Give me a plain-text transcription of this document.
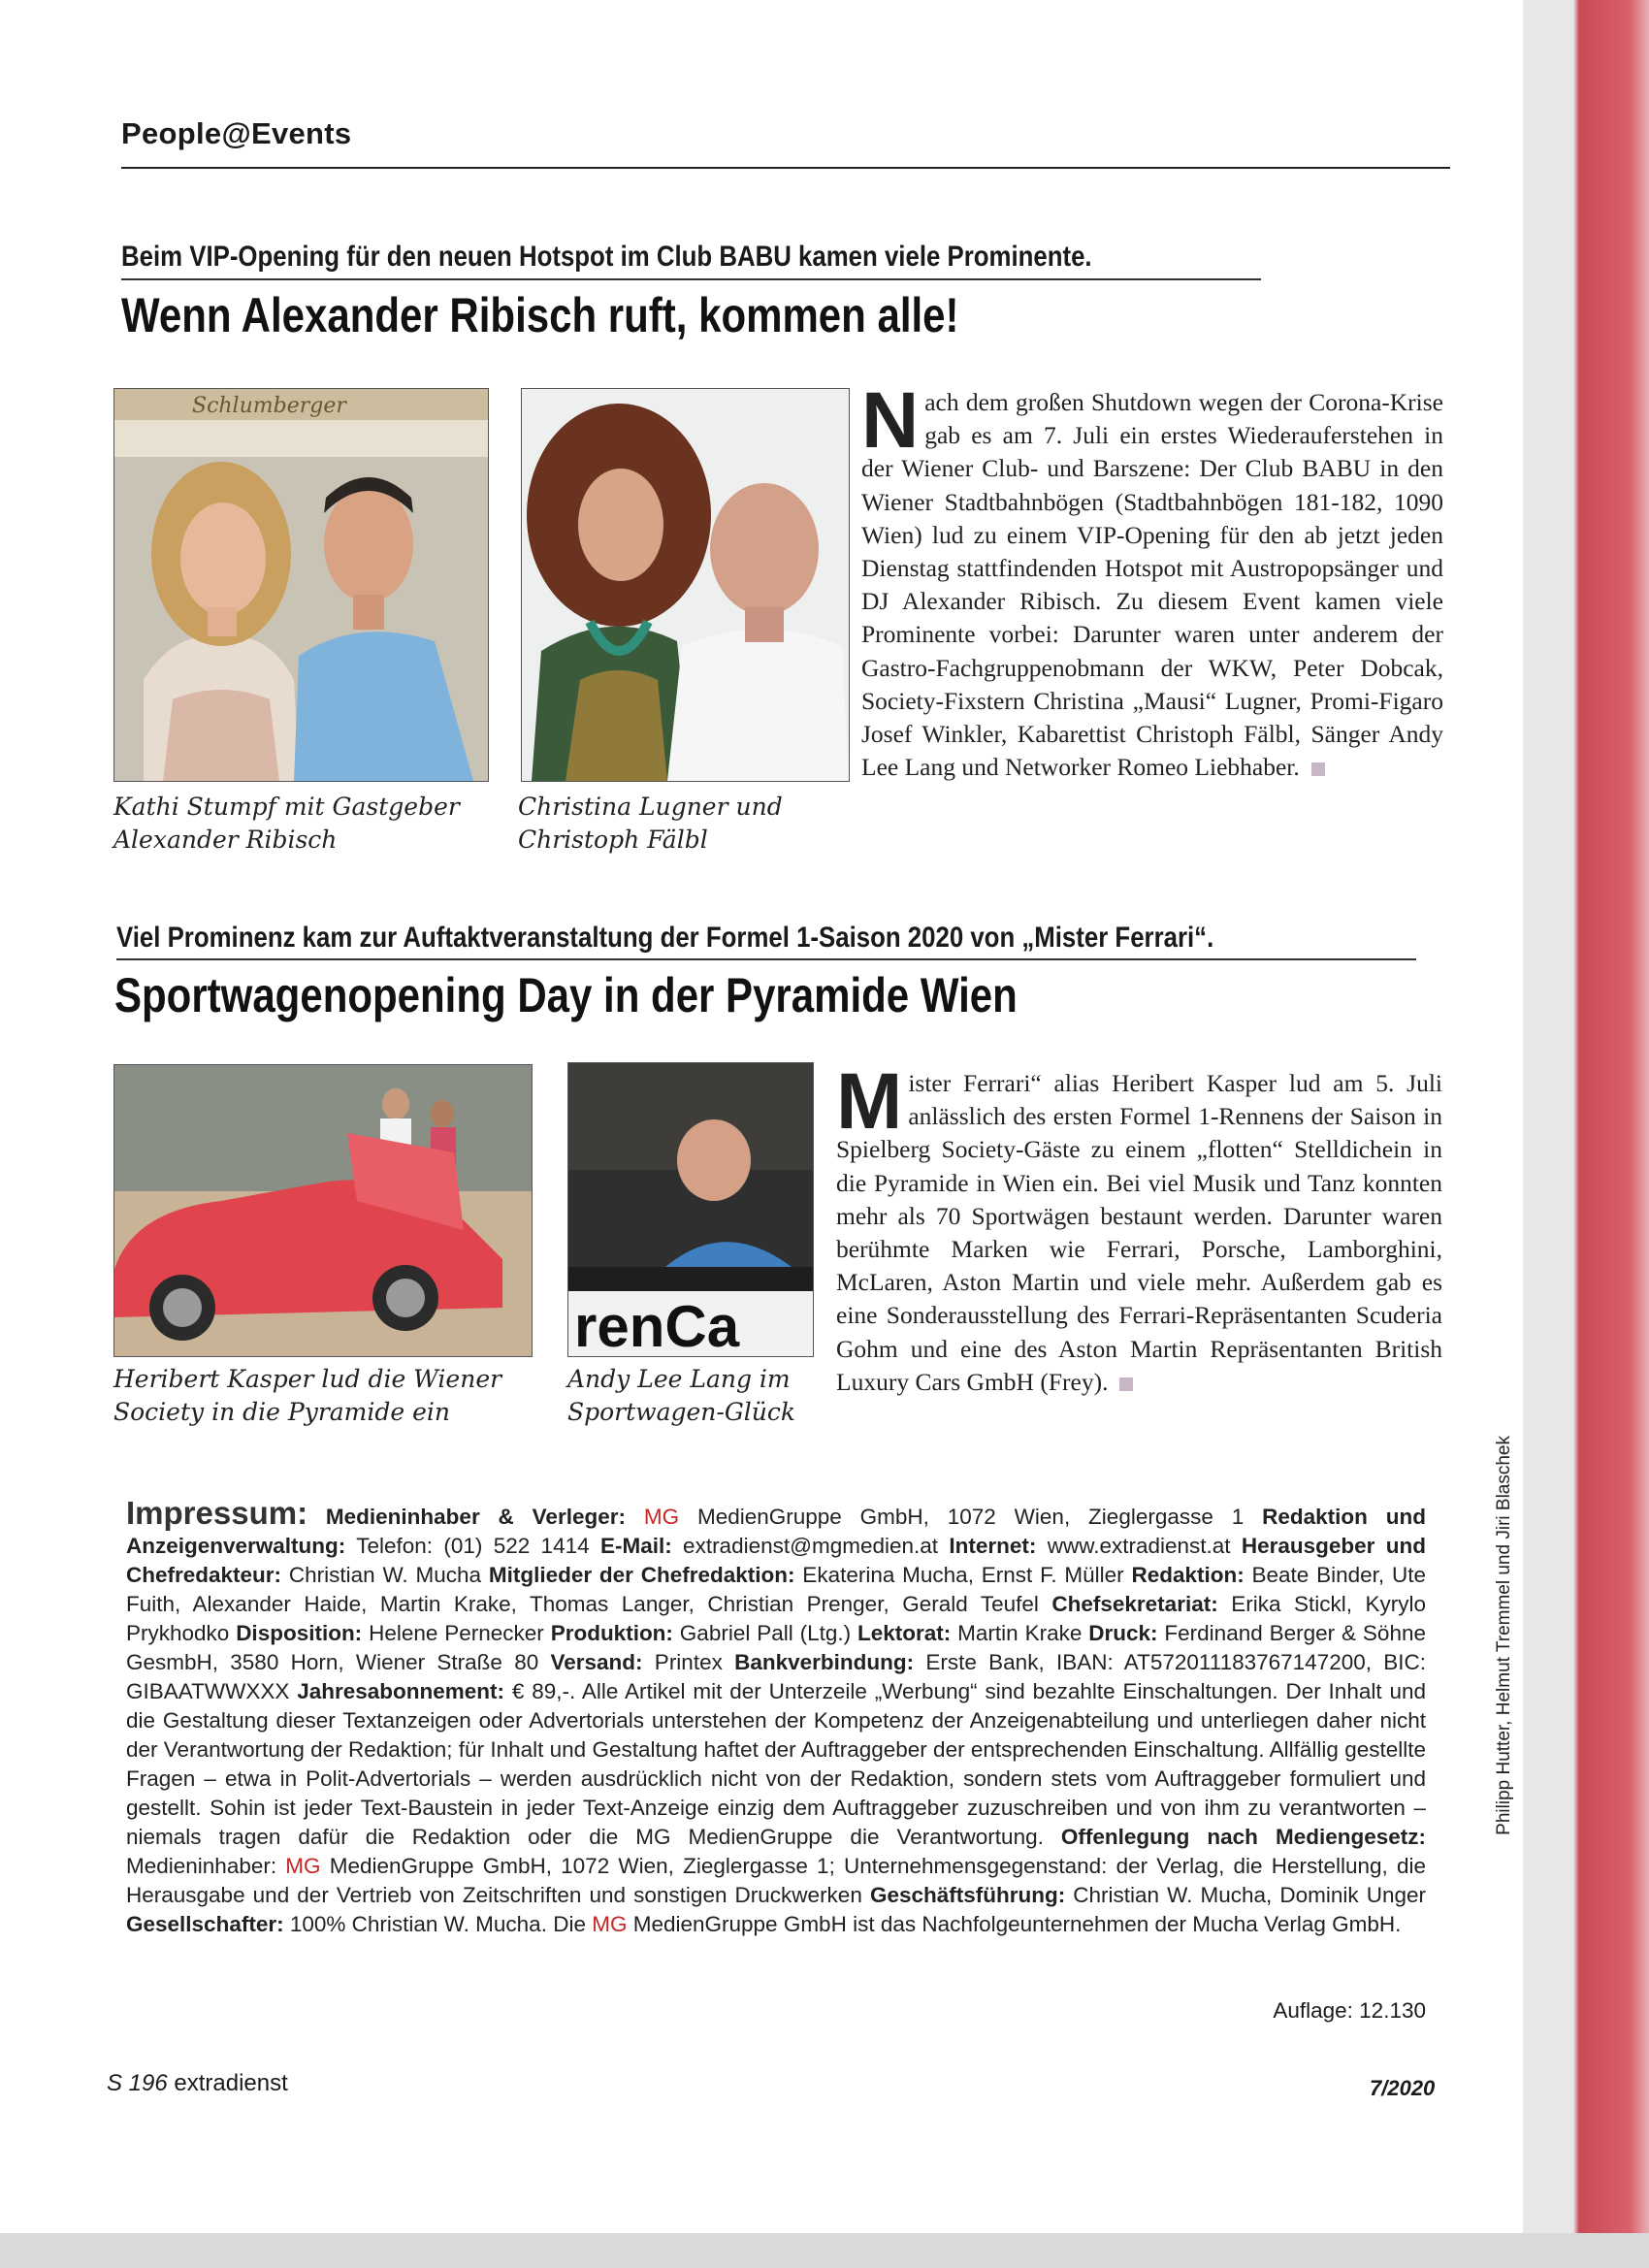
People@Events
Beim VIP-Opening für den neuen Hotspot im Club BABU kamen viele Prominente.
Wenn Alexander Ribisch ruft, kommen alle!
Schlumberger
Kathi Stumpf mit Gastgeber
Alexander Ribisch
Christina Lugner und
Christoph Fälbl
Nach dem großen Shutdown wegen der Corona-Krise gab es am 7. Juli ein erstes Wiederauferstehen in der Wiener Club- und Barszene: Der Club BABU in den Wiener Stadtbahnbögen (Stadtbahnbögen 181-182, 1090 Wien) lud zu einem VIP-Opening für den ab jetzt jeden Dienstag stattfindenden Hotspot mit Austropopsänger und DJ Alexander Ribisch. Zu diesem Event kamen viele Prominente vorbei: Darunter waren unter anderem der Gastro-Fachgruppenobmann der WKW, Peter Dobcak, Society-Fixstern Christina „Mausi“ Lugner, Promi-Figaro Josef Winkler, Kabarettist Christoph Fälbl, Sänger Andy Lee Lang und Networker Romeo Liebhaber.
Viel Prominenz kam zur Auftaktveranstaltung der Formel 1-Saison 2020 von „Mister Ferrari“.
Sportwagenopening Day in der Pyramide Wien
renCa
Heribert Kasper lud die Wiener
Society in die Pyramide ein
Andy Lee Lang im
Sportwagen-Glück
Mister Ferrari“ alias Heribert Kasper lud am 5. Juli anlässlich des ersten Formel 1-Rennens der Saison in Spielberg Society-Gäste zu einem „flotten“ Stelldichein in die Pyramide in Wien ein. Bei viel Musik und Tanz konnten mehr als 70 Sportwägen bestaunt werden. Darunter waren berühmte Marken wie Ferrari, Porsche, Lamborghini, McLaren, Aston Martin und viele mehr. Außerdem gab es eine Sonderausstellung des Ferrari-Repräsentanten Scuderia Gohm und eine des Aston Martin Repräsentanten British Luxury Cars GmbH (Frey).
Philipp Hutter, Helmut Tremmel und Jiri Blaschek
Impressum: Medieninhaber & Verleger: MG MedienGruppe GmbH, 1072 Wien, Zieglergasse 1 Redaktion und Anzeigenverwaltung: Telefon: (01) 522 1414 E-Mail: extradienst@mgmedien.at Internet: www.extradienst.at Herausgeber und Chefredakteur: Christian W. Mucha Mitglieder der Chefredaktion: Ekaterina Mucha, Ernst F. Müller Redaktion: Beate Binder, Ute Fuith, Alexander Haide, Martin Krake, Thomas Langer, Christian Prenger, Gerald Teufel Chefsekretariat: Erika Stickl, Kyrylo Prykhodko Disposition: Helene Pernecker Produktion: Gabriel Pall (Ltg.) Lektorat: Martin Krake Druck: Ferdinand Berger & Söhne GesmbH, 3580 Horn, Wiener Straße 80 Versand: Printex Bankverbindung: Erste Bank, IBAN: AT572011183767147200, BIC: GIBAATWWXXX Jahresabonnement: € 89,-. Alle Artikel mit der Unterzeile „Werbung“ sind bezahlte Einschaltungen. Der Inhalt und die Gestaltung dieser Textanzeigen oder Advertorials unterstehen der Kompetenz der Anzeigenabteilung und unterliegen daher nicht der Verantwortung der Redaktion; für Inhalt und Gestaltung haftet der Auftraggeber der entsprechenden Einschaltung. Allfällig gestellte Fragen – etwa in Polit-Advertorials – werden ausdrücklich nicht von der Redaktion, sondern stets vom Auftraggeber formuliert und gestellt. Sohin ist jeder Text-Baustein in jeder Text-Anzeige einzig dem Auftraggeber zuzuschreiben und von ihm zu verantworten – niemals tragen dafür die Redaktion oder die MG MedienGruppe die Verantwortung. Offenlegung nach Mediengesetz: Medieninhaber: MG MedienGruppe GmbH, 1072 Wien, Zieglergasse 1; Unternehmensgegenstand: der Verlag, die Herstellung, die Herausgabe und der Vertrieb von Zeitschriften und sonstigen Druckwerken Geschäftsführung: Christian W. Mucha, Dominik Unger Gesellschafter: 100% Christian W. Mucha. Die MG MedienGruppe GmbH ist das Nachfolgeunternehmen der Mucha Verlag GmbH.
Auflage: 12.130
S 196 extradienst	7/2020
